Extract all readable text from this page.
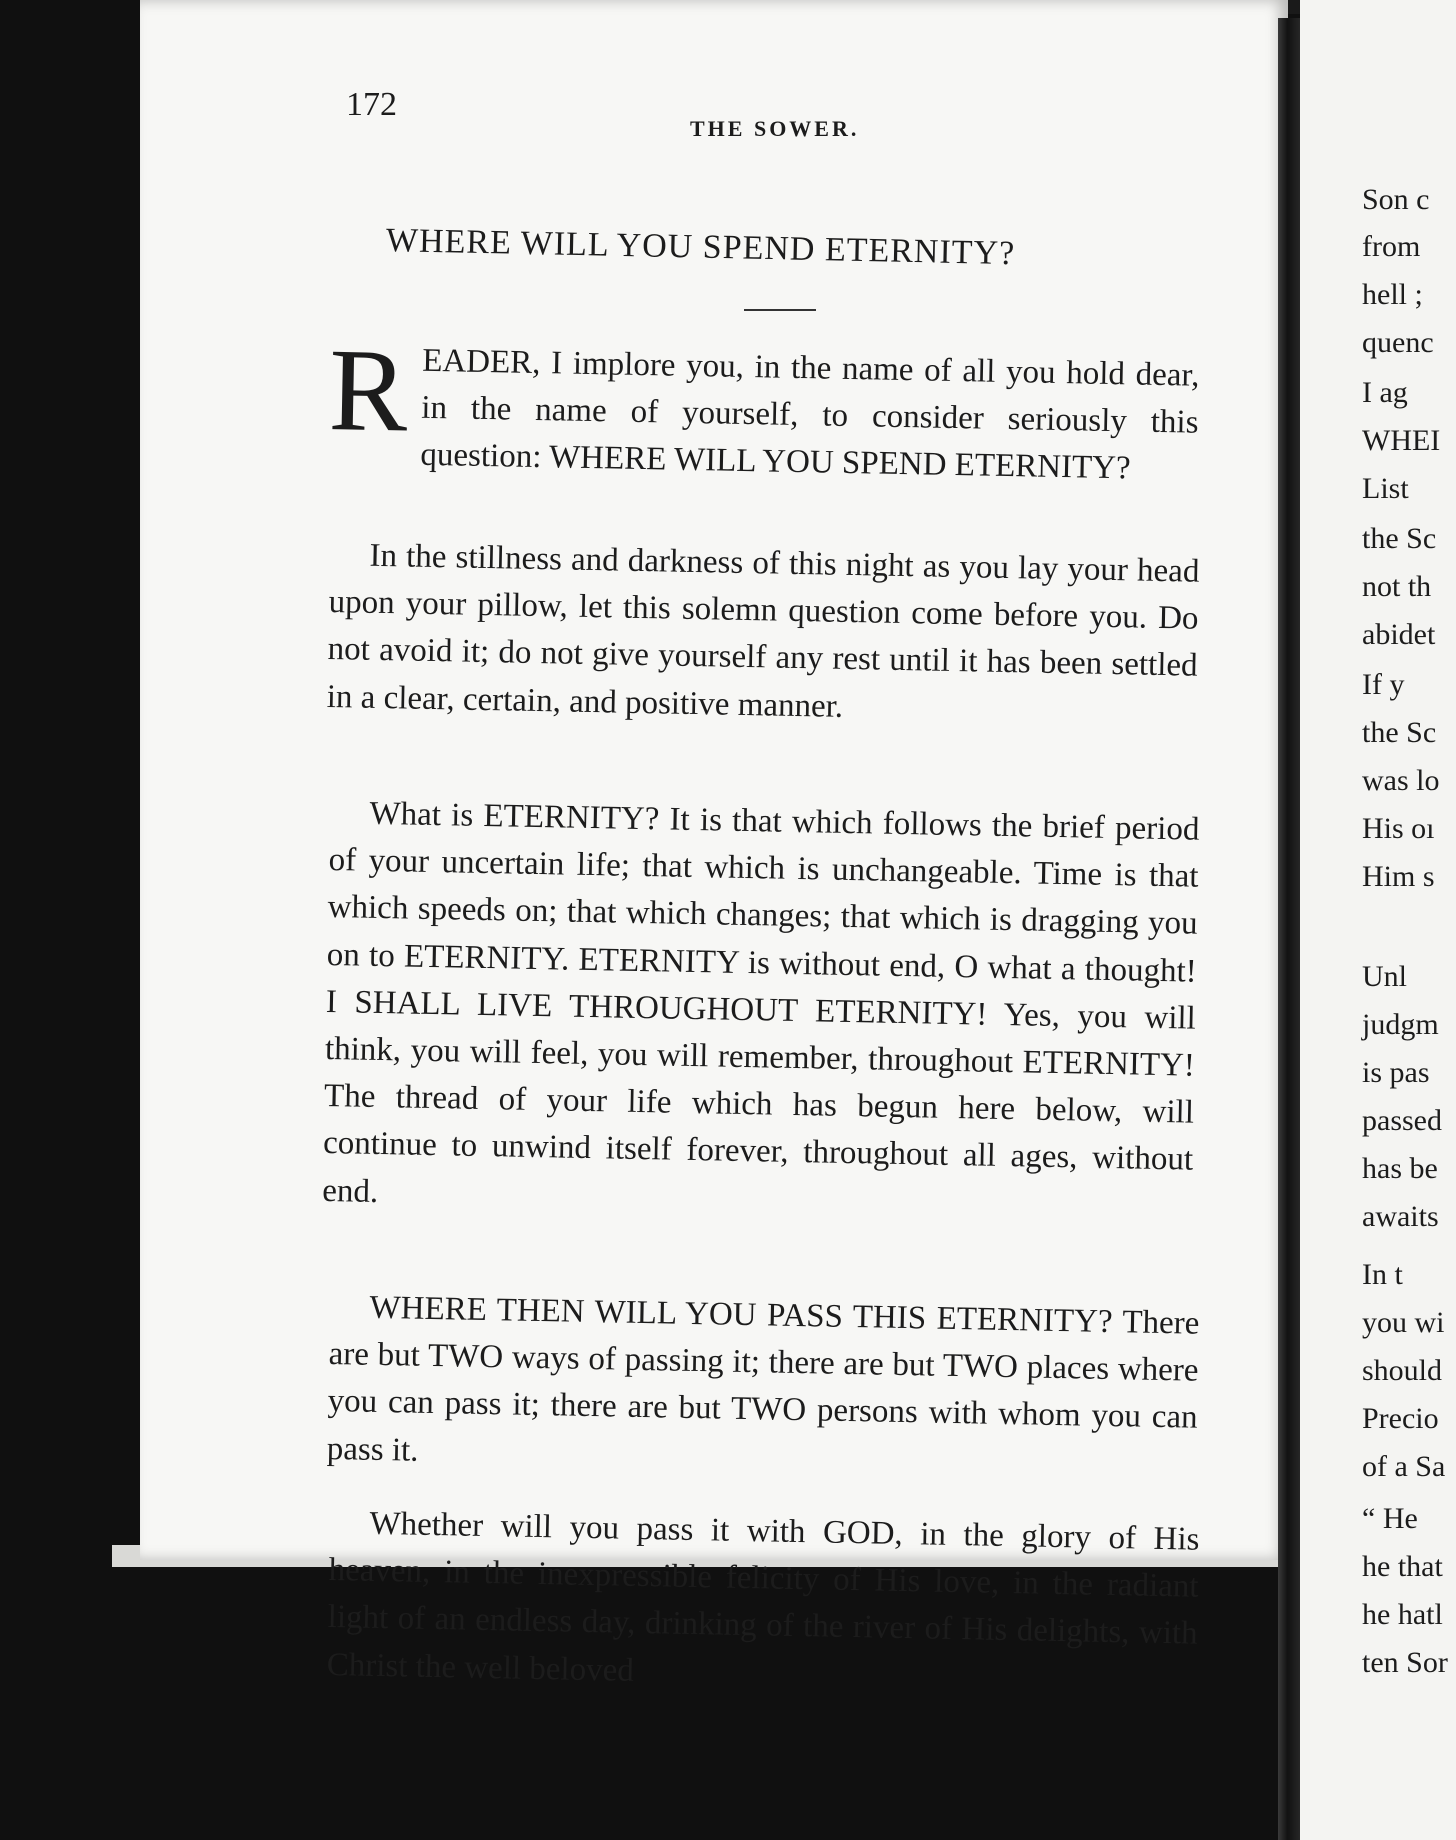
172
THE SOWER.
WHERE WILL YOU SPEND ETERNITY?
R EADER, I implore you, in the name of all you hold dear, in the name of yourself, to consider seriously this question: WHERE WILL YOU SPEND ETERNITY?
In the stillness and darkness of this night as you lay your head upon your pillow, let this solemn question come before you. Do not avoid it; do not give yourself any rest until it has been settled in a clear, certain, and positive manner.
What is ETERNITY? It is that which follows the brief period of your uncertain life; that which is unchangeable. Time is that which speeds on; that which changes; that which is dragging you on to ETERNITY. ETERNITY is without end, O what a thought! I SHALL LIVE THROUGHOUT ETERNITY! Yes, you will think, you will feel, you will remember, throughout ETERNITY! The thread of your life which has begun here below, will continue to unwind itself forever, throughout all ages, without end.
WHERE THEN WILL YOU PASS THIS ETERNITY? There are but TWO ways of passing it; there are but TWO places where you can pass it; there are but TWO persons with whom you can pass it.
Whether will you pass it with GOD, in the glory of His heaven, in the inexpressible felicity of His love, in the radiant light of an endless day, drinking of the river of His delights, with Christ the well beloved
Son c
from
hell ;
quenc
I ag
WHEI
List
the Sc
not th
abidet
If y
the Sc
was lo
His oı
Him s
Unl
judgm
is pas
passed
has be
awaits
In t
you wi
should
Precio
of a Sa
“ He
he that
he hatl
ten Sor
